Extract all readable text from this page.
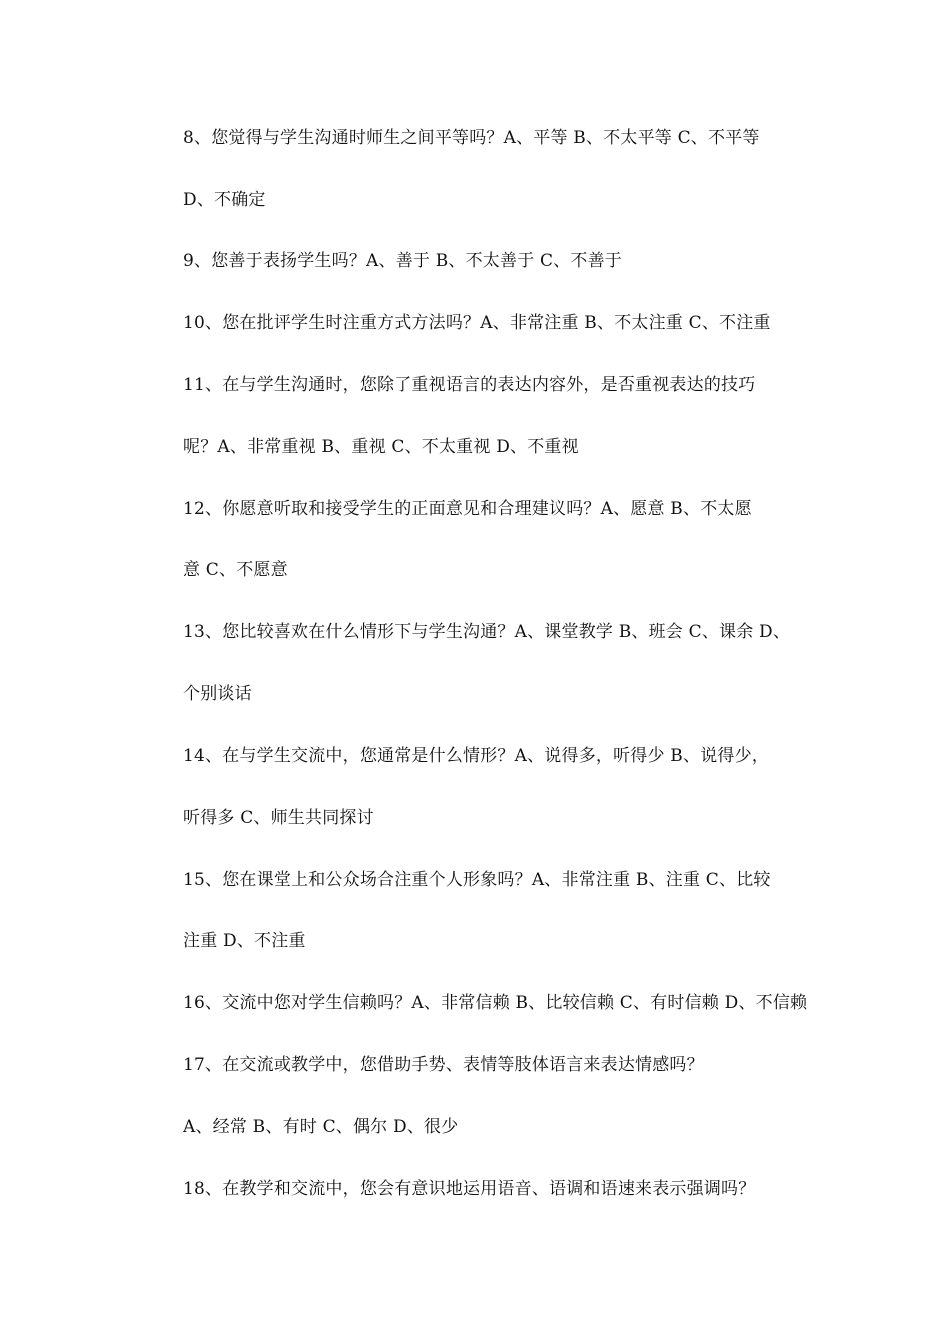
8、您觉得与学生沟通时师生之间平等吗？A、平等 B、不太平等 C、不平等
D、不确定
9、您善于表扬学生吗？A、善于 B、不太善于 C、不善于
10、您在批评学生时注重方式方法吗？A、非常注重 B、不太注重 C、不注重
11、在与学生沟通时，您除了重视语言的表达内容外，是否重视表达的技巧
呢？A、非常重视 B、重视 C、不太重视 D、不重视
12、你愿意听取和接受学生的正面意见和合理建议吗？A、愿意 B、不太愿
意 C、不愿意
13、您比较喜欢在什么情形下与学生沟通？A、课堂教学 B、班会 C、课余 D、
个别谈话
14、在与学生交流中，您通常是什么情形？A、说得多，听得少 B、说得少，
听得多 C、师生共同探讨
15、您在课堂上和公众场合注重个人形象吗？A、非常注重 B、注重 C、比较
注重 D、不注重
16、交流中您对学生信赖吗？A、非常信赖 B、比较信赖 C、有时信赖 D、不信赖
17、在交流或教学中，您借助手势、表情等肢体语言来表达情感吗？
A、经常 B、有时 C、偶尔 D、很少
18、在教学和交流中，您会有意识地运用语音、语调和语速来表示强调吗？
